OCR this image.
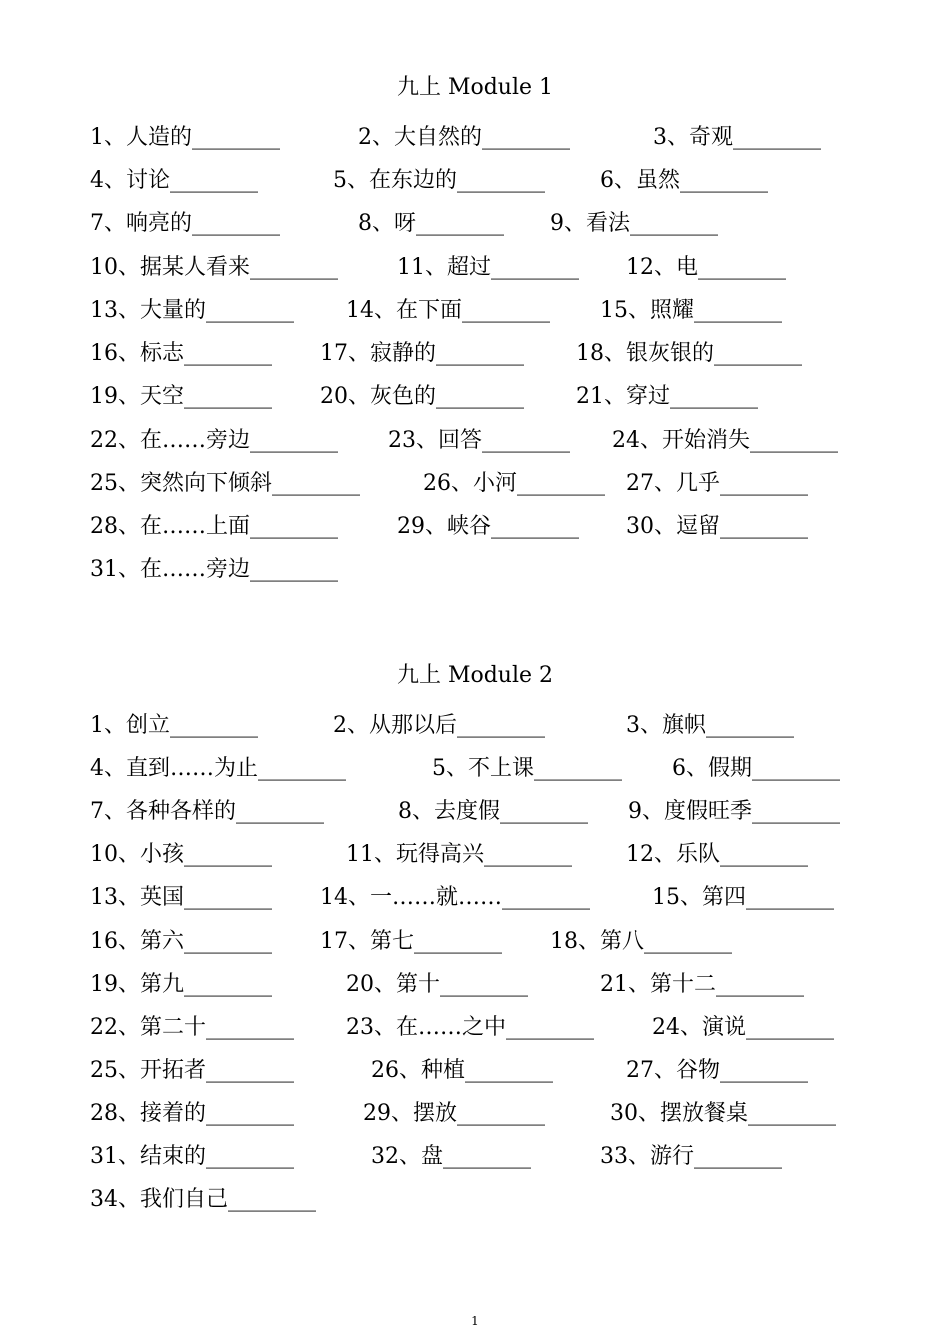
九上 Module 1
1、人造的________	2、大自然的________	3、奇观________
4、讨论________	5、在东边的________	6、虽然________
7、响亮的________	8、呀________ 9、看法________
10、据某人看来________	11、超过________ 12、电________
13、大量的________ 14、在下面________ 15、照耀________
16、标志________ 17、寂静的________ 18、银灰银的________
19、天空________ 20、灰色的________ 21、穿过________
22、在……旁边________ 23、回答________ 24、开始消失________
25、突然向下倾斜________	26、小河________ 27、几乎________
28、在……上面________	29、峡谷________ 30、逗留________
31、在……旁边________
九上 Module 2
1、创立________	2、从那以后________	3、旗帜________
4、直到……为止________	5、不上课________ 6、假期________
7、各种各样的________	8、去度假________ 9、度假旺季________
10、小孩________	11、玩得高兴________ 12、乐队________
13、英国________ 14、一……就……________	15、第四________
16、第六________ 17、第七________ 18、第八________
19、第九________	20、第十________	21、第十二________
22、第二十________ 23、在……之中________	24、演说________
25、开拓者________	26、种植________	27、谷物________
28、接着的________	29、摆放________	30、摆放餐桌________
31、结束的________	32、盘________	33、游行________
34、我们自己________
1
